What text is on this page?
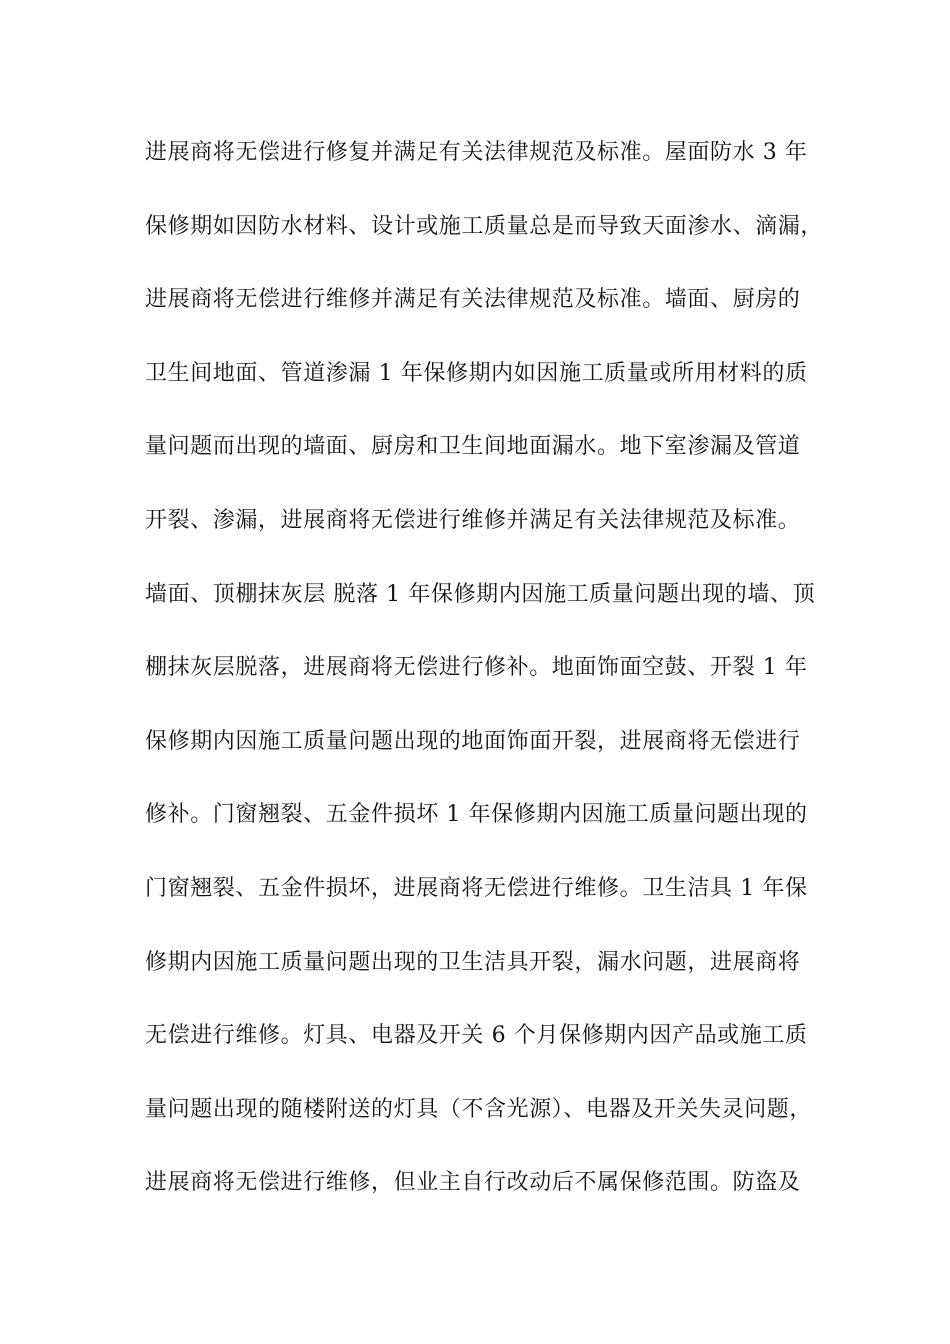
进展商将无偿进行修复并满足有关法律规范及标准。屋面防水 3 年
保修期如因防水材料、设计或施工质量总是而导致天面渗水、滴漏，
进展商将无偿进行维修并满足有关法律规范及标准。墙面、厨房的
卫生间地面、管道渗漏 1 年保修期内如因施工质量或所用材料的质
量问题而出现的墙面、厨房和卫生间地面漏水。地下室渗漏及管道
开裂、渗漏，进展商将无偿进行维修并满足有关法律规范及标准。
墙面、顶棚抹灰层 脱落 1 年保修期内因施工质量问题出现的墙、顶
棚抹灰层脱落，进展商将无偿进行修补。地面饰面空鼓、开裂 1 年
保修期内因施工质量问题出现的地面饰面开裂，进展商将无偿进行
修补。门窗翘裂、五金件损坏 1 年保修期内因施工质量问题出现的
门窗翘裂、五金件损坏，进展商将无偿进行维修。卫生洁具 1 年保
修期内因施工质量问题出现的卫生洁具开裂，漏水问题，进展商将
无偿进行维修。灯具、电器及开关 6 个月保修期内因产品或施工质
量问题出现的随楼附送的灯具（不含光源）、电器及开关失灵问题，
进展商将无偿进行维修，但业主自行改动后不属保修范围。防盗及
